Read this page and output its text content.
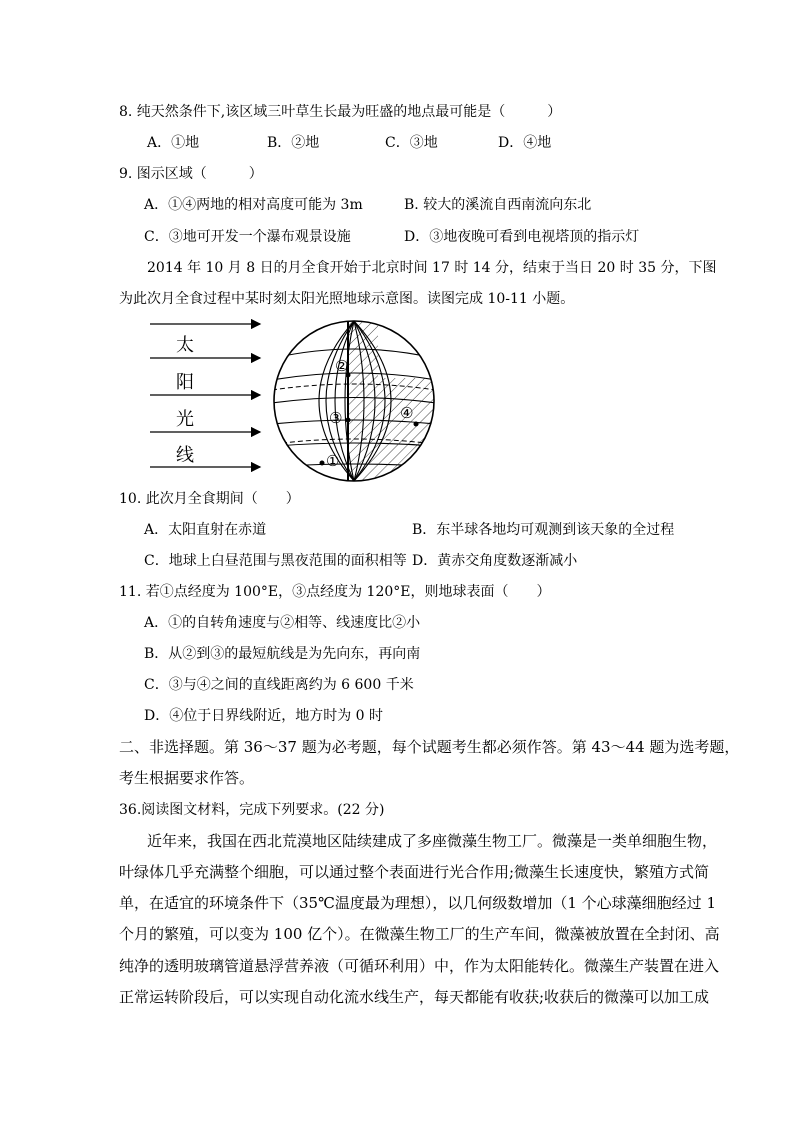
8. 纯天然条件下,该区域三叶草生长最为旺盛的地点最可能是（　　　）
A．①地	B．②地	C．③地	D．④地
9. 图示区域（　　　）
A．①④两地的相对高度可能为 3m	B. 较大的溪流自西南流向东北
C．③地可开发一个瀑布观景设施	D．③地夜晚可看到电视塔顶的指示灯
2014 年 10 月 8 日的月全食开始于北京时间 17 时 14 分，结束于当日 20 时 35 分，下图
为此次月全食过程中某时刻太阳光照地球示意图。读图完成 10-11 小题。
太
阳
光
线	①
②
③	④
10. 此次月全食期间（　　）
A．太阳直射在赤道	B．东半球各地均可观测到该天象的全过程
C．地球上白昼范围与黑夜范围的面积相等 D．黄赤交角度数逐渐减小
11. 若①点经度为 100°E，③点经度为 120°E，则地球表面（　　）
A．①的自转角速度与②相等、线速度比②小
B．从②到③的最短航线是为先向东，再向南
C．③与④之间的直线距离约为 6 600 千米
D．④位于日界线附近，地方时为 0 时
二、非选择题。第 36～37 题为必考题，每个试题考生都必须作答。第 43～44 题为选考题，
考生根据要求作答。
36.阅读图文材料，完成下列要求。(22 分)
近年来，我国在西北荒漠地区陆续建成了多座微藻生物工厂。微藻是一类单细胞生物，
叶绿体几乎充满整个细胞，可以通过整个表面进行光合作用;微藻生长速度快，繁殖方式简
单，在适宜的环境条件下（35℃温度最为理想），以几何级数增加（1 个心球藻细胞经过 1
个月的繁殖，可以变为 100 亿个）。在微藻生物工厂的生产车间，微藻被放置在全封闭、高
纯净的透明玻璃管道悬浮营养液（可循环利用）中，作为太阳能转化。微藻生产装置在进入
正常运转阶段后，可以实现自动化流水线生产，每天都能有收获;收获后的微藻可以加工成
